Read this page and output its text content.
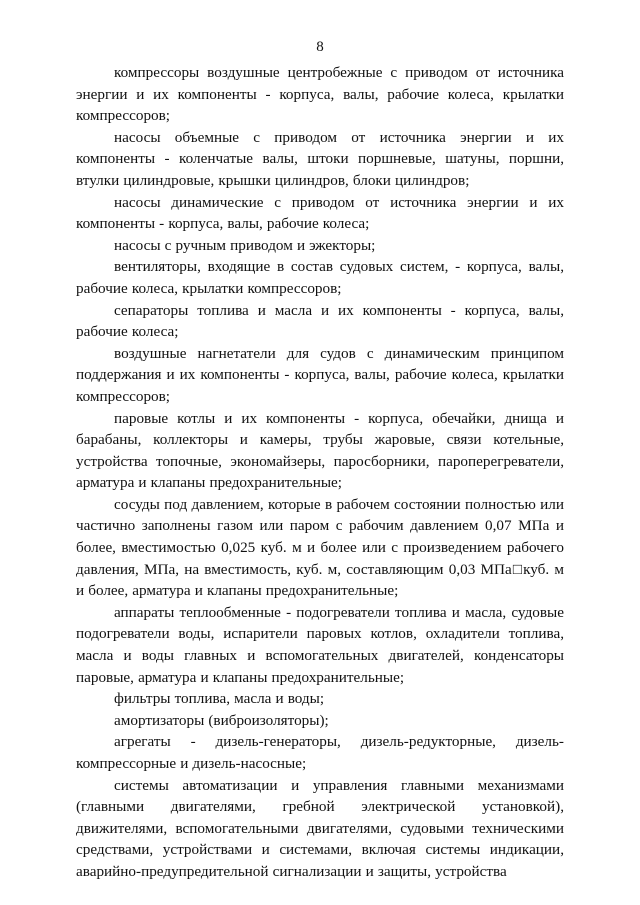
8

компрессоры воздушные центробежные с приводом от источника энергии и их компоненты - корпуса, валы, рабочие колеса, крылатки компрессоров;

насосы объемные с приводом от источника энергии и их компоненты - коленчатые валы, штоки поршневые, шатуны, поршни, втулки цилиндровые, крышки цилиндров, блоки цилиндров;

насосы динамические с приводом от источника энергии и их компоненты - корпуса, валы, рабочие колеса;

насосы с ручным приводом и эжекторы;

вентиляторы, входящие в состав судовых систем, - корпуса, валы, рабочие колеса, крылатки компрессоров;

сепараторы топлива и масла и их компоненты - корпуса, валы, рабочие колеса;

воздушные нагнетатели для судов с динамическим принципом поддержания и их компоненты - корпуса, валы, рабочие колеса, крылатки компрессоров;

паровые котлы и их компоненты - корпуса, обечайки, днища и барабаны, коллекторы и камеры, трубы жаровые, связи котельные, устройства топочные, экономайзеры, паросборники, пароперегреватели, арматура и клапаны предохранительные;

сосуды под давлением, которые в рабочем состоянии полностью или частично заполнены газом или паром с рабочим давлением 0,07 МПа и более, вместимостью 0,025 куб. м и более или с произведением рабочего давления, МПа, на вместимость, куб. м, составляющим 0,03 МПа□куб. м и более, арматура и клапаны предохранительные;

аппараты теплообменные - подогреватели топлива и масла, судовые подогреватели воды, испарители паровых котлов, охладители топлива, масла и воды главных и вспомогательных двигателей, конденсаторы паровые, арматура и клапаны предохранительные;

фильтры топлива, масла и воды;

амортизаторы (виброизоляторы);

агрегаты - дизель-генераторы, дизель-редукторные, дизель-компрессорные и дизель-насосные;

системы автоматизации и управления главными механизмами (главными двигателями, гребной электрической установкой), движителями, вспомогательными двигателями, судовыми техническими средствами, устройствами и системами, включая системы индикации, аварийно-предупредительной сигнализации и защиты, устройства
